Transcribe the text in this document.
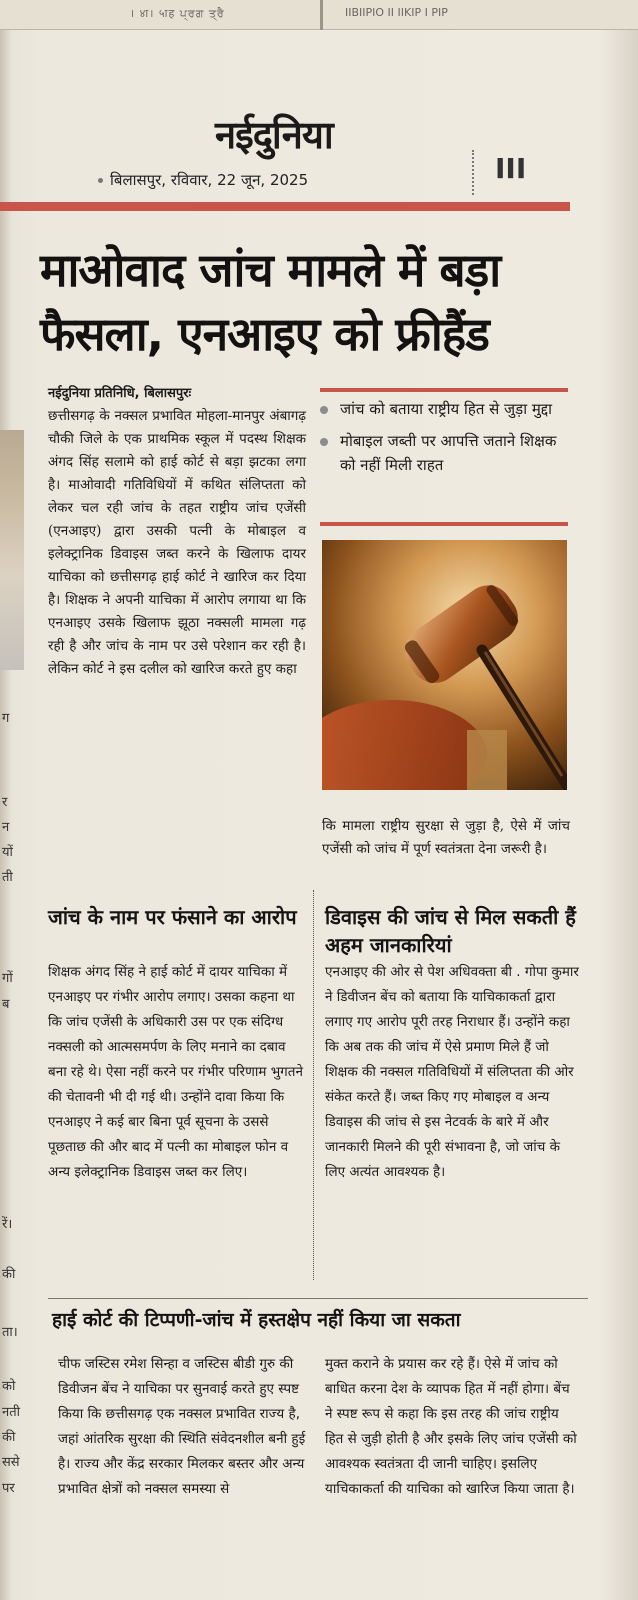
। ४ा। ५ाह ਪ੍ਰਗ ਤ੍ਰੈ	ΙΙΒΙΙΡΙΟ ΙΙ ΙΙΚΙΡ Ι ΡΙΡ
ग
र
न
यों
ती
गों
ब
रें।
की
ता।
को
नती
की
ससे
पर
नईदुनिया
बिलासपुर, रविवार, 22 जून, 2025	III
माओवाद जांच मामले में बड़ा फैसला, एनआइए को फ्रीहैंड
नईदुनिया प्रतिनिधि, बिलासपुरः
छत्तीसगढ़ के नक्सल प्रभावित मोहला-मानपुर अंबागढ़ चौकी जिले के एक प्राथमिक स्कूल में पदस्थ शिक्षक अंगद सिंह सलामे को हाई कोर्ट से बड़ा झटका लगा है। माओवादी गतिविधियों में कथित संलिप्तता को लेकर चल रही जांच के तहत राष्ट्रीय जांच एजेंसी (एनआइए) द्वारा उसकी पत्नी के मोबाइल व इलेक्ट्रानिक डिवाइस जब्त करने के खिलाफ दायर याचिका को छत्तीसगढ़ हाई कोर्ट ने खारिज कर दिया है। शिक्षक ने अपनी याचिका में आरोप लगाया था कि एनआइए उसके खिलाफ झूठा नक्सली मामला गढ़ रही है और जांच के नाम पर उसे परेशान कर रही है। लेकिन कोर्ट ने इस दलील को खारिज करते हुए कहा
जांच को बताया राष्ट्रीय हित से जुड़ा मुद्दा
मोबाइल जब्ती पर आपत्ति जताने शिक्षक को नहीं मिली राहत
कि मामला राष्ट्रीय सुरक्षा से जुड़ा है, ऐसे में जांच एजेंसी को जांच में पूर्ण स्वतंत्रता देना जरूरी है।
जांच के नाम पर फंसाने का आरोप
शिक्षक अंगद सिंह ने हाई कोर्ट में दायर याचिका में एनआइए पर गंभीर आरोप लगाए। उसका कहना था कि जांच एजेंसी के अधिकारी उस पर एक संदिग्ध नक्सली को आत्मसमर्पण के लिए मनाने का दबाव बना रहे थे। ऐसा नहीं करने पर गंभीर परिणाम भुगतने की चेतावनी भी दी गई थी। उन्होंने दावा किया कि एनआइए ने कई बार बिना पूर्व सूचना के उससे पूछताछ की और बाद में पत्नी का मोबाइल फोन व अन्य इलेक्ट्रानिक डिवाइस जब्त कर लिए।
डिवाइस की जांच से मिल सकती हैं अहम जानकारियां
एनआइए की ओर से पेश अधिवक्ता बी . गोपा कुमार ने डिवीजन बेंच को बताया कि याचिकाकर्ता द्वारा लगाए गए आरोप पूरी तरह निराधार हैं। उन्होंने कहा कि अब तक की जांच में ऐसे प्रमाण मिले हैं जो शिक्षक की नक्सल गतिविधियों में संलिप्तता की ओर संकेत करते हैं। जब्त किए गए मोबाइल व अन्य डिवाइस की जांच से इस नेटवर्क के बारे में और जानकारी मिलने की पूरी संभावना है, जो जांच के लिए अत्यंत आवश्यक है।
हाई कोर्ट की टिप्पणी-जांच में हस्तक्षेप नहीं किया जा सकता
चीफ जस्टिस रमेश सिन्हा व जस्टिस बीडी गुरु की डिवीजन बेंच ने याचिका पर सुनवाई करते हुए स्पष्ट किया कि छत्तीसगढ़ एक नक्सल प्रभावित राज्य है, जहां आंतरिक सुरक्षा की स्थिति संवेदनशील बनी हुई है। राज्य और केंद्र सरकार मिलकर बस्तर और अन्य प्रभावित क्षेत्रों को नक्सल समस्या से
मुक्त कराने के प्रयास कर रहे हैं। ऐसे में जांच को बाधित करना देश के व्यापक हित में नहीं होगा। बेंच ने स्पष्ट रूप से कहा कि इस तरह की जांच राष्ट्रीय हित से जुड़ी होती है और इसके लिए जांच एजेंसी को आवश्यक स्वतंत्रता दी जानी चाहिए। इसलिए याचिकाकर्ता की याचिका को खारिज किया जाता है।
